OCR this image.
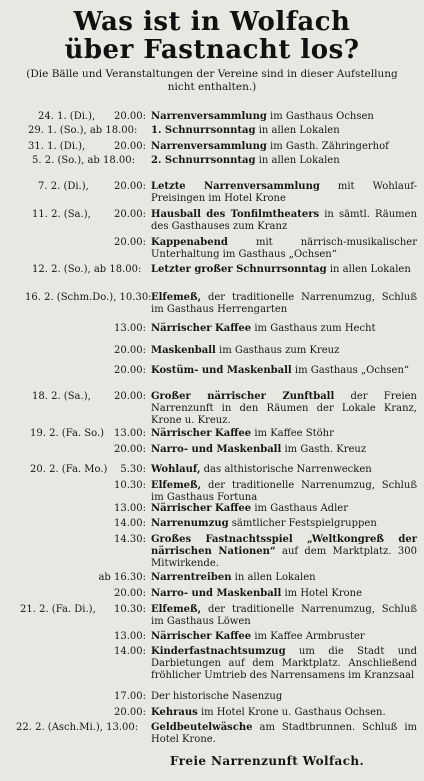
Was ist in Wolfach
über Fastnacht los?
(Die Bälle und Veranstaltungen der Vereine sind in dieser Aufstellung nicht enthalten.)
24. 1. (Di.),	20.00: Narrenversammlung im Gasthaus Ochsen
29. 1. (So.), ab 18.00: 1. Schnurrsonntag in allen Lokalen
31. 1. (Di.),	20.00: Narrenversammlung im Gasth. Zähringerhof
5. 2. (So.), ab 18.00: 2. Schnurrsonntag in allen Lokalen
7. 2. (Di.),	20.00: Letzte Narrenversammlung mit Wohlauf-Preisingen im Hotel Krone
11. 2. (Sa.),	20.00: Hausball des Tonfilmtheaters in sämtl. Räumen des Gasthauses zum Kranz
20.00: Kappenabend mit närrisch-musikalischer Unterhaltung im Gasthaus „Ochsen“
12. 2. (So.), ab 18.00: Letzter großer Schnurrsonntag in allen Lokalen
16. 2. (Schm.Do.), 10.30: Elfemeß, der traditionelle Narrenumzug, Schluß im Gasthaus Herrengarten
13.00: Närrischer Kaffee im Gasthaus zum Hecht
20.00: Maskenball im Gasthaus zum Kreuz
20.00: Kostüm- und Maskenball im Gasthaus „Ochsen“
18. 2. (Sa.),	20.00: Großer närrischer Zunftball der Freien Narrenzunft in den Räumen der Lokale Kranz, Krone u. Kreuz.
19. 2. (Fa. So.) 13.00: Närrischer Kaffee im Kaffee Stöhr
20.00: Narro- und Maskenball im Gasth. Kreuz
20. 2. (Fa. Mo.)	5.30: Wohlauf, das althistorische Narrenwecken
10.30: Elfemeß, der traditionelle Narrenumzug, Schluß im Gasthaus Fortuna
13.00: Närrischer Kaffee im Gasthaus Adler
14.00: Narrenumzug sämtlicher Festspielgruppen
14.30: Großes Fastnachtsspiel „Weltkongreß der närrischen Nationen“ auf dem Marktplatz. 300 Mitwirkende.
ab 16.30: Narrentreiben in allen Lokalen
20.00: Narro- und Maskenball im Hotel Krone
21. 2. (Fa. Di.),	10.30: Elfemeß, der traditionelle Narrenumzug, Schluß im Gasthaus Löwen
13.00: Närrischer Kaffee im Kaffee Armbruster
14.00: Kinderfastnachtsumzug um die Stadt und Darbietungen auf dem Marktplatz. Anschließend fröhlicher Umtrieb des Narrensamens im Kranzsaal
17.00: Der historische Nasenzug
20.00: Kehraus im Hotel Krone u. Gasthaus Ochsen.
22. 2. (Asch.Mi.), 13.00: Geldbeutelwäsche am Stadtbrunnen. Schluß im Hotel Krone.
Freie Narrenzunft Wolfach.
